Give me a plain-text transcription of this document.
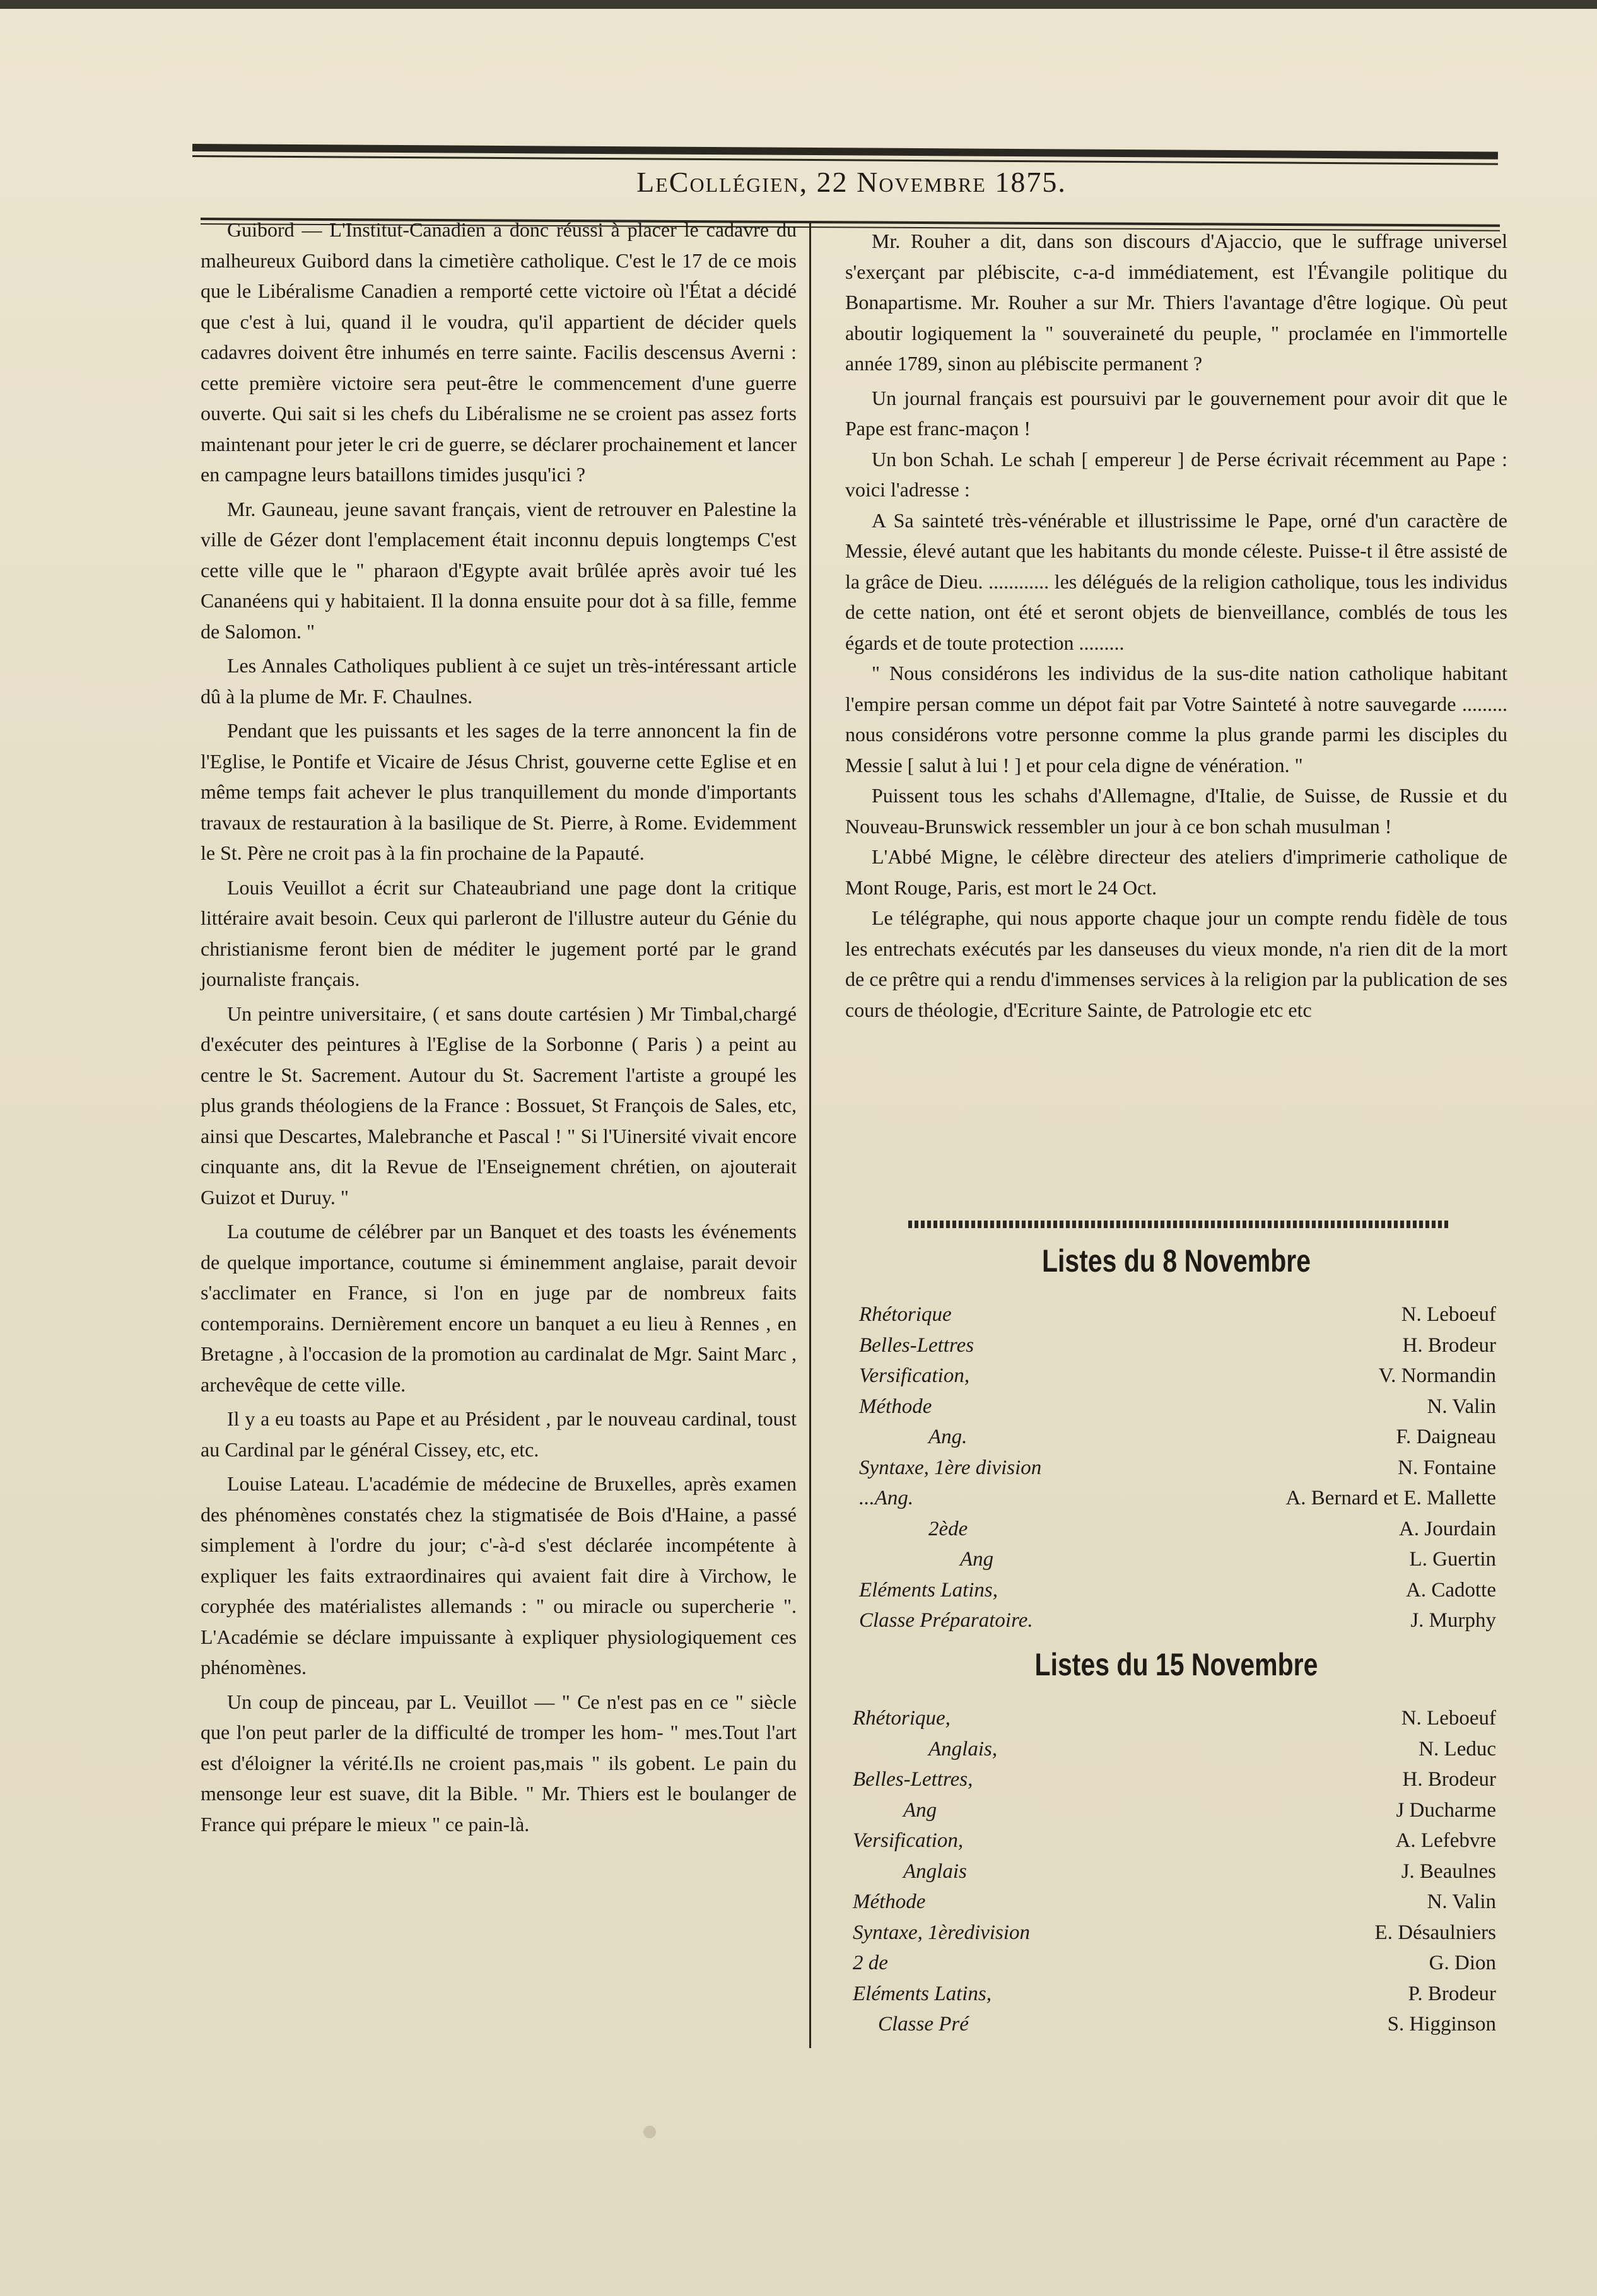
LeCollégien, 22 Novembre 1875.

Guibord — L'Institut-Canadien a donc réussi à placer le cadavre du malheureux Guibord dans la cimetière catholique. C'est le 17 de ce mois que le Libéralisme Canadien a remporté cette victoire où l'État a décidé que c'est à lui, quand il le voudra, qu'il appartient de décider quels cadavres doivent être inhumés en terre sainte. Facilis descensus Averni : cette première victoire sera peut-être le commencement d'une guerre ouverte. Qui sait si les chefs du Libéralisme ne se croient pas assez forts maintenant pour jeter le cri de guerre, se déclarer prochainement et lancer en campagne leurs bataillons timides jusqu'ici ?

Mr. Gauneau, jeune savant français, vient de retrouver en Palestine la ville de Gézer dont l'emplacement était inconnu depuis longtemps C'est cette ville que le " pharaon d'Egypte avait brûlée après avoir tué les Cananéens qui y habitaient. Il la donna ensuite pour dot à sa fille, femme de Salomon. "

Les Annales Catholiques publient à ce sujet un très-intéressant article dû à la plume de Mr. F. Chaulnes.

Pendant que les puissants et les sages de la terre annoncent la fin de l'Eglise, le Pontife et Vicaire de Jésus Christ, gouverne cette Eglise et en même temps fait achever le plus tranquillement du monde d'importants travaux de restauration à la basilique de St. Pierre, à Rome. Evidemment le St. Père ne croit pas à la fin prochaine de la Papauté.

Louis Veuillot a écrit sur Chateaubriand une page dont la critique littéraire avait besoin. Ceux qui parleront de l'illustre auteur du Génie du christianisme feront bien de méditer le jugement porté par le grand journaliste français.

Un peintre universitaire, ( et sans doute cartésien ) Mr Timbal,chargé d'exécuter des peintures à l'Eglise de la Sorbonne ( Paris ) a peint au centre le St. Sacrement. Autour du St. Sacrement l'artiste a groupé les plus grands théologiens de la France : Bossuet, St François de Sales, etc, ainsi que Descartes, Malebranche et Pascal ! " Si l'Uinersité vivait encore cinquante ans, dit la Revue de l'Enseignement chrétien, on ajouterait Guizot et Duruy. "

La coutume de célébrer par un Banquet et des toasts les événements de quelque importance, coutume si éminemment anglaise, parait devoir s'acclimater en France, si l'on en juge par de nombreux faits contemporains. Dernièrement encore un banquet a eu lieu à Rennes , en Bretagne , à l'occasion de la promotion au cardinalat de Mgr. Saint Marc , archevêque de cette ville.

Il y a eu toasts au Pape et au Président , par le nouveau cardinal, toust au Cardinal par le général Cissey, etc, etc.

Louise Lateau. L'académie de médecine de Bruxelles, après examen des phénomènes constatés chez la stigmatisée de Bois d'Haine, a passé simplement à l'ordre du jour; c'-à-d s'est déclarée incompétente à expliquer les faits extraordinaires qui avaient fait dire à Virchow, le coryphée des matérialistes allemands : " ou miracle ou supercherie ". L'Académie se déclare impuissante à expliquer physiologiquement ces phénomènes.

Un coup de pinceau, par L. Veuillot — " Ce n'est pas en ce " siècle que l'on peut parler de la difficulté de tromper les hom- " mes.Tout l'art est d'éloigner la vérité.Ils ne croient pas,mais " ils gobent. Le pain du mensonge leur est suave, dit la Bible. " Mr. Thiers est le boulanger de France qui prépare le mieux " ce pain-là.

Mr. Rouher a dit, dans son discours d'Ajaccio, que le suffrage universel s'exerçant par plébiscite, c-a-d immédiatement, est l'Évangile politique du Bonapartisme. Mr. Rouher a sur Mr. Thiers l'avantage d'être logique. Où peut aboutir logiquement la " souveraineté du peuple, " proclamée en l'immortelle année 1789, sinon au plébiscite permanent ?

Un journal français est poursuivi par le gouvernement pour avoir dit que le Pape est franc-maçon !

Un bon Schah. Le schah [ empereur ] de Perse écrivait récemment au Pape : voici l'adresse :

A Sa sainteté très-vénérable et illustrissime le Pape, orné d'un caractère de Messie, élevé autant que les habitants du monde céleste. Puisse-t il être assisté de la grâce de Dieu. ............ les délégués de la religion catholique, tous les individus de cette nation, ont été et seront objets de bienveillance, comblés de tous les égards et de toute protection .........

" Nous considérons les individus de la sus-dite nation catholique habitant l'empire persan comme un dépot fait par Votre Sainteté à notre sauvegarde ......... nous considérons votre personne comme la plus grande parmi les disciples du Messie [ salut à lui ! ] et pour cela digne de vénération. "

Puissent tous les schahs d'Allemagne, d'Italie, de Suisse, de Russie et du Nouveau-Brunswick ressembler un jour à ce bon schah musulman !

L'Abbé Migne, le célèbre directeur des ateliers d'imprimerie catholique de Mont Rouge, Paris, est mort le 24 Oct.

Le télégraphe, qui nous apporte chaque jour un compte rendu fidèle de tous les entrechats exécutés par les danseuses du vieux monde, n'a rien dit de la mort de ce prêtre qui a rendu d'immenses services à la religion par la publication de ses cours de théologie, d'Ecriture Sainte, de Patrologie etc etc

Listes du 8 Novembre
Rhétorique	N. Leboeuf
Belles-Lettres	H. Brodeur
Versification,	V. Normandin
Méthode	N. Valin
Ang.	F. Daigneau
Syntaxe, 1ère division	N. Fontaine
...Ang.	A. Bernard et E. Mallette
2ède	A. Jourdain
Ang	L. Guertin
Eléments Latins,	A. Cadotte
Classe Préparatoire.	J. Murphy
Listes du 15 Novembre
Rhétorique,	N. Leboeuf
Anglais,	N. Leduc
Belles-Lettres,	H. Brodeur
Ang	J Ducharme
Versification,	A. Lefebvre
Anglais	J. Beaulnes
Méthode	N. Valin
Syntaxe, 1èredivision	E. Désaulniers
2 de	G. Dion
Eléments Latins,	P. Brodeur
Classe Pré	S. Higginson
